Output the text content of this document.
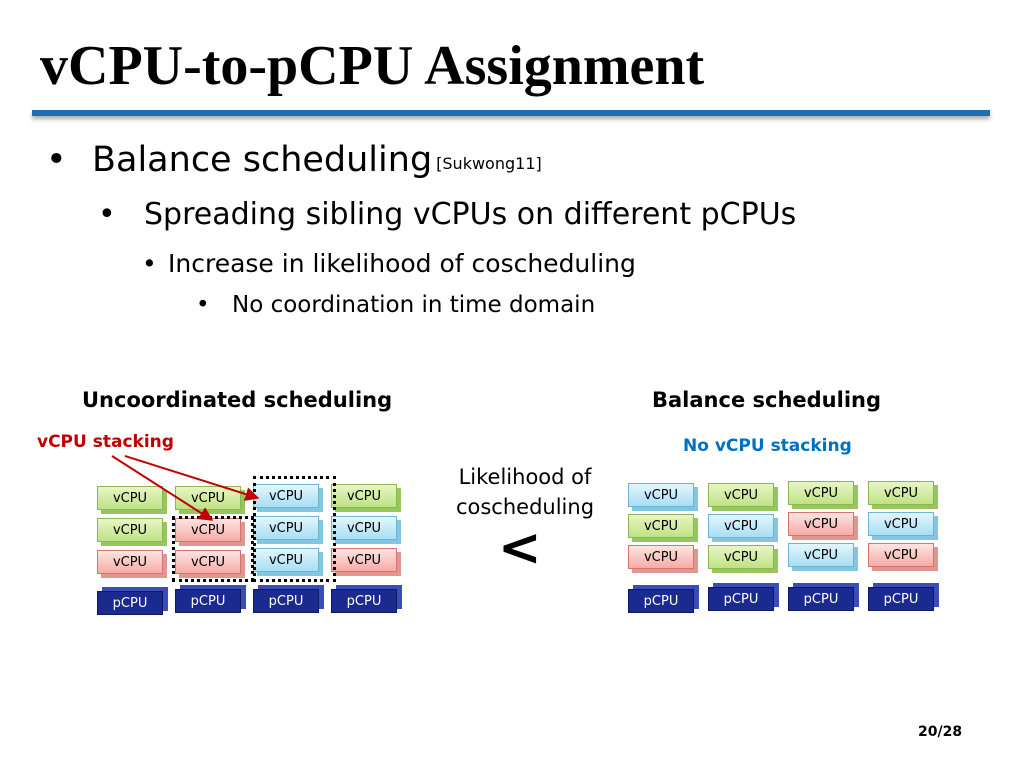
vCPU-to-pCPU Assignment
• Balance scheduling [Sukwong11]
• Spreading sibling vCPUs on different pCPUs
• Increase in likelihood of coscheduling
• No coordination in time domain
Uncoordinated scheduling	Balance scheduling
vCPU stacking	No vCPU stacking
Likelihood of
coscheduling
<
vCPU
vCPU
vCPU
pCPU
vCPU
vCPU
vCPU
pCPU
vCPU
vCPU
vCPU
pCPU
vCPU
vCPU
vCPU
pCPU
vCPU
vCPU
vCPU
pCPU
vCPU
vCPU
vCPU
pCPU
vCPU
vCPU
vCPU
pCPU
vCPU
vCPU
vCPU
pCPU
20/28
